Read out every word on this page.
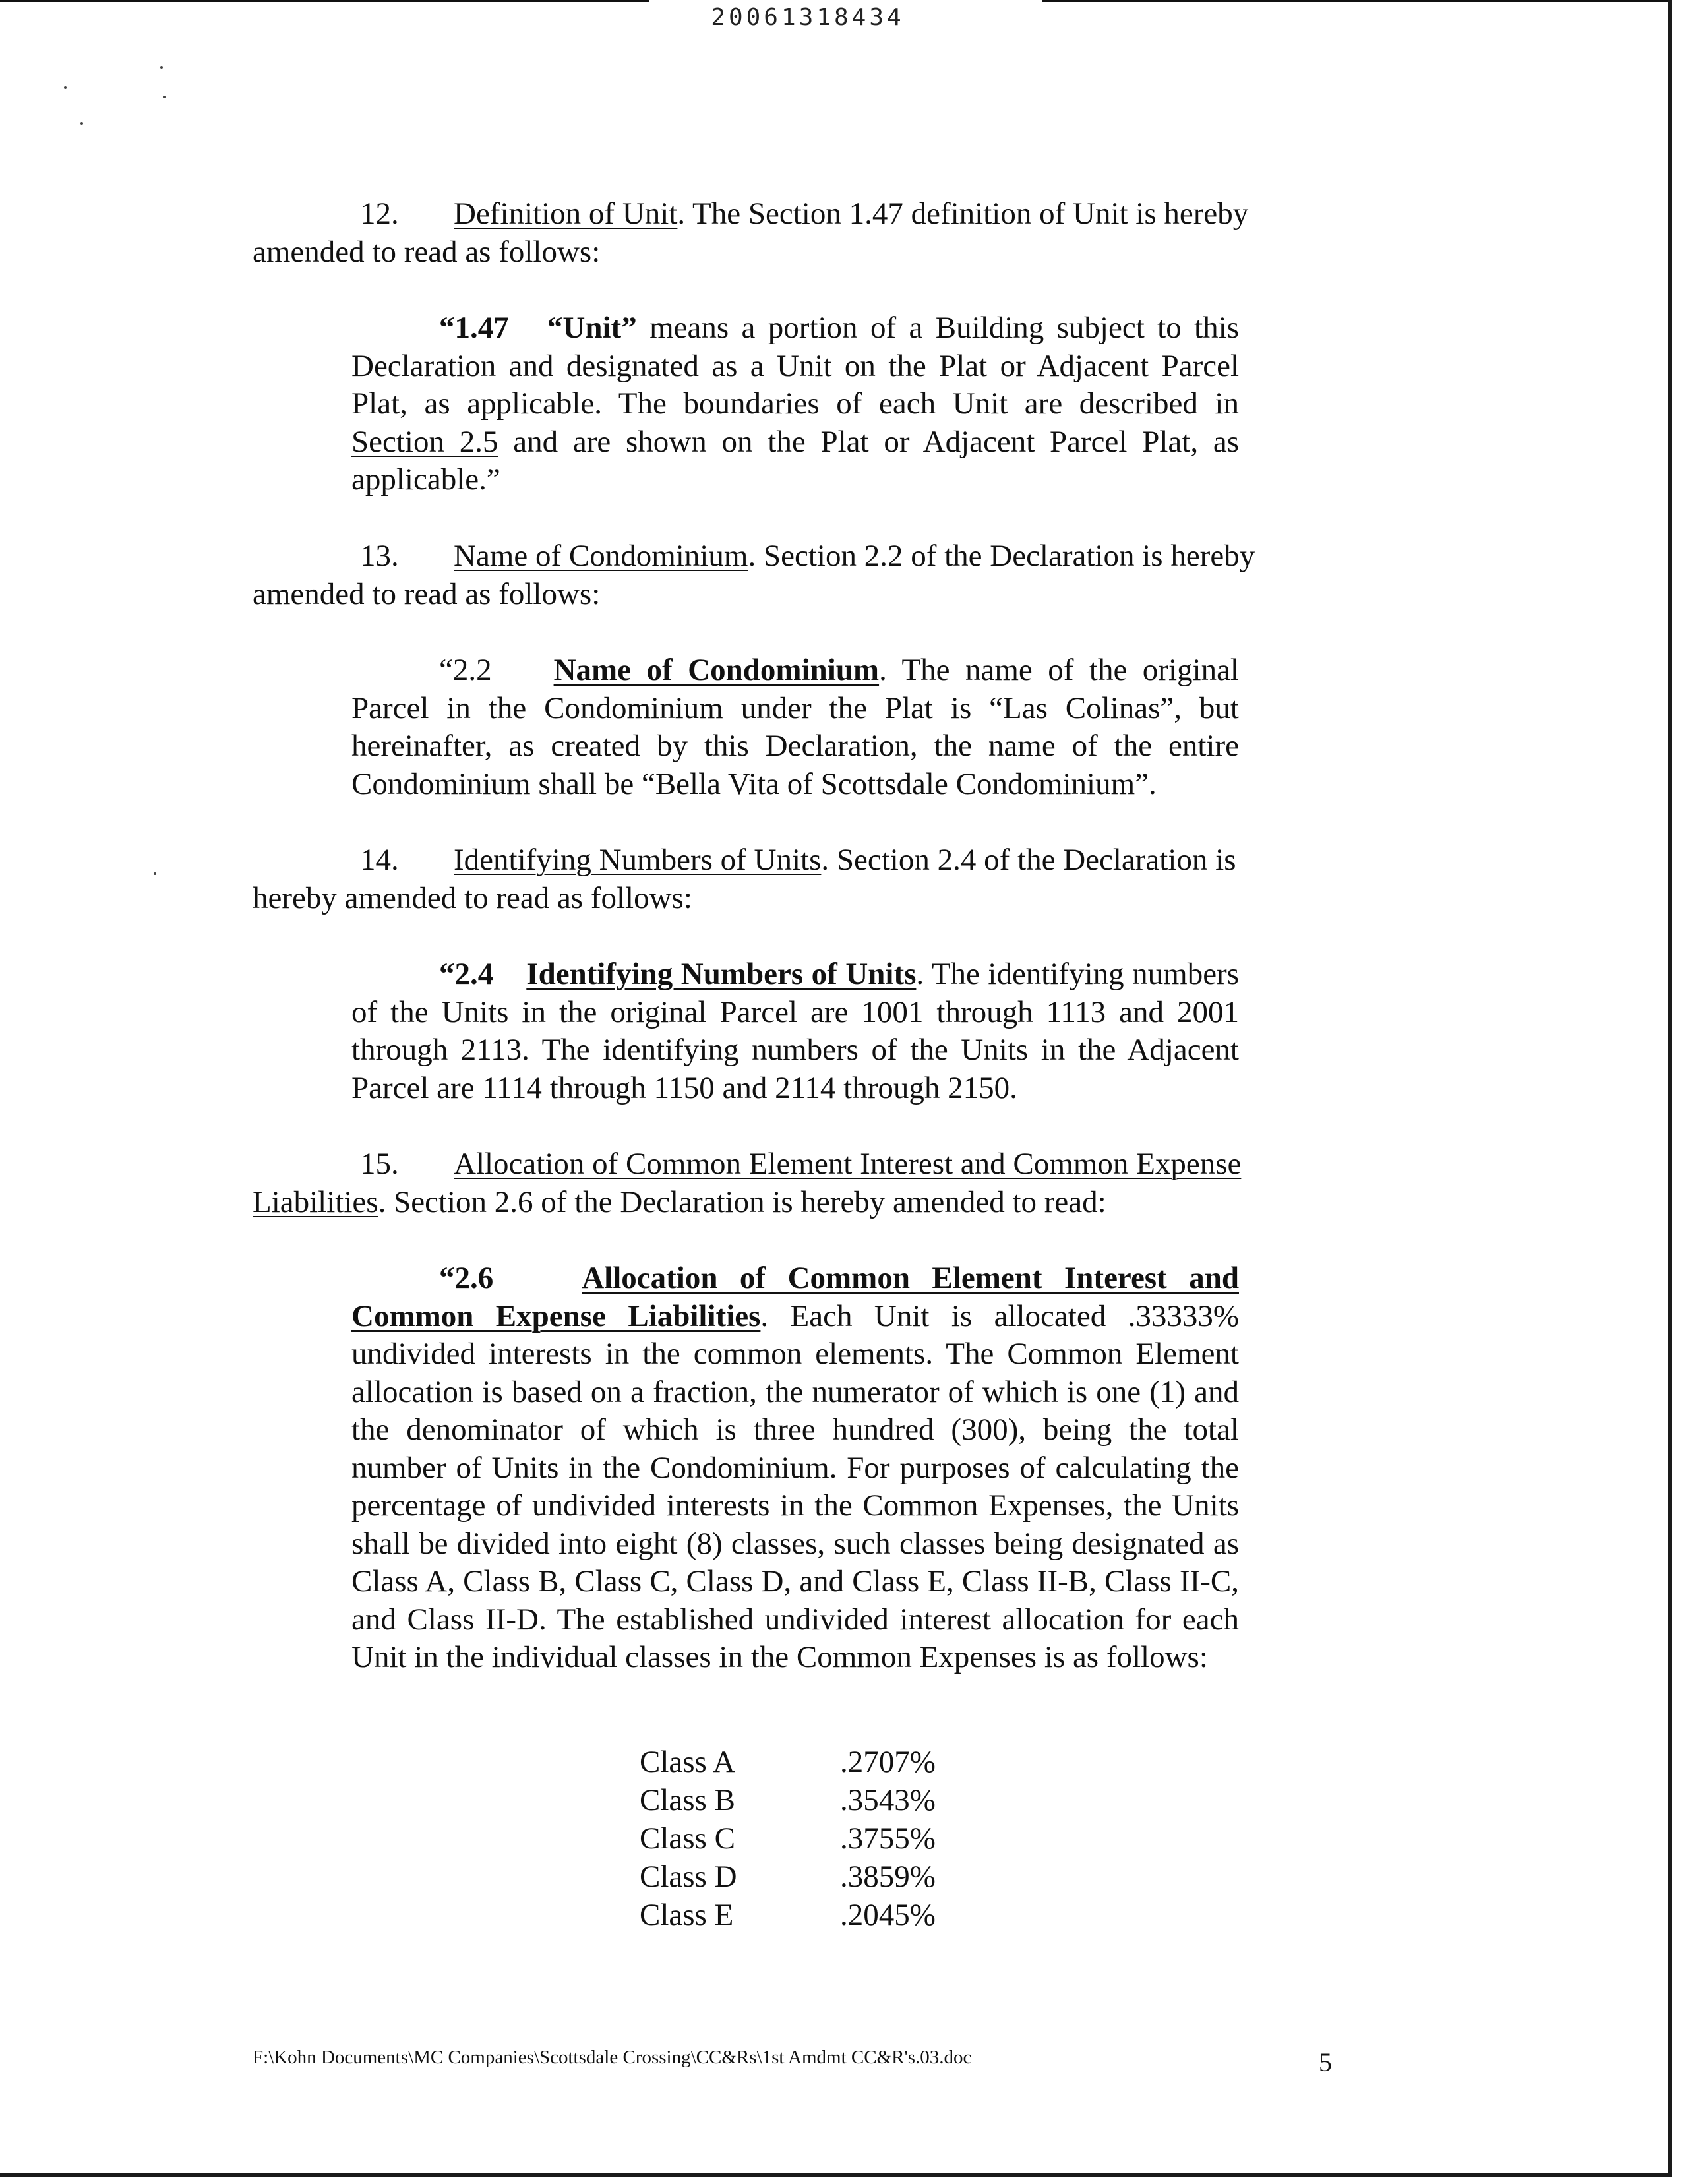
20061318434
12. Definition of Unit. The Section 1.47 definition of Unit is hereby
amended to read as follows:
“1.47 “Unit” means a portion of a Building subject to this Declaration and designated as a Unit on the Plat or Adjacent Parcel Plat, as applicable. The boundaries of each Unit are described in Section 2.5 and are shown on the Plat or Adjacent Parcel Plat, as applicable.”
13. Name of Condominium. Section 2.2 of the Declaration is hereby
amended to read as follows:
“2.2 Name of Condominium. The name of the original Parcel in the Condominium under the Plat is “Las Colinas”, but hereinafter, as created by this Declaration, the name of the entire Condominium shall be “Bella Vita of Scottsdale Condominium”.
14. Identifying Numbers of Units. Section 2.4 of the Declaration is
hereby amended to read as follows:
“2.4 Identifying Numbers of Units. The identifying numbers of the Units in the original Parcel are 1001 through 1113 and 2001 through 2113. The identifying numbers of the Units in the Adjacent Parcel are 1114 through 1150 and 2114 through 2150.
15. Allocation of Common Element Interest and Common Expense
Liabilities. Section 2.6 of the Declaration is hereby amended to read:
“2.6	Allocation of Common Element Interest and Common Expense Liabilities. Each Unit is allocated .33333% undivided interests in the common elements. The Common Element allocation is based on a fraction, the numerator of which is one (1) and the denominator of which is three hundred (300), being the total number of Units in the Condominium. For purposes of calculating the percentage of undivided interests in the Common Expenses, the Units shall be divided into eight (8) classes, such classes being designated as Class A, Class B, Class C, Class D, and Class E, Class II-B, Class II-C, and Class II-D. The established undivided interest allocation for each Unit in the individual classes in the Common Expenses is as follows:
Class A	.2707%
Class B	.3543%
Class C	.3755%
Class D	.3859%
Class E	.2045%
F:\Kohn Documents\MC Companies\Scottsdale Crossing\CC&Rs\1st Amdmt CC&R's.03.doc	5
